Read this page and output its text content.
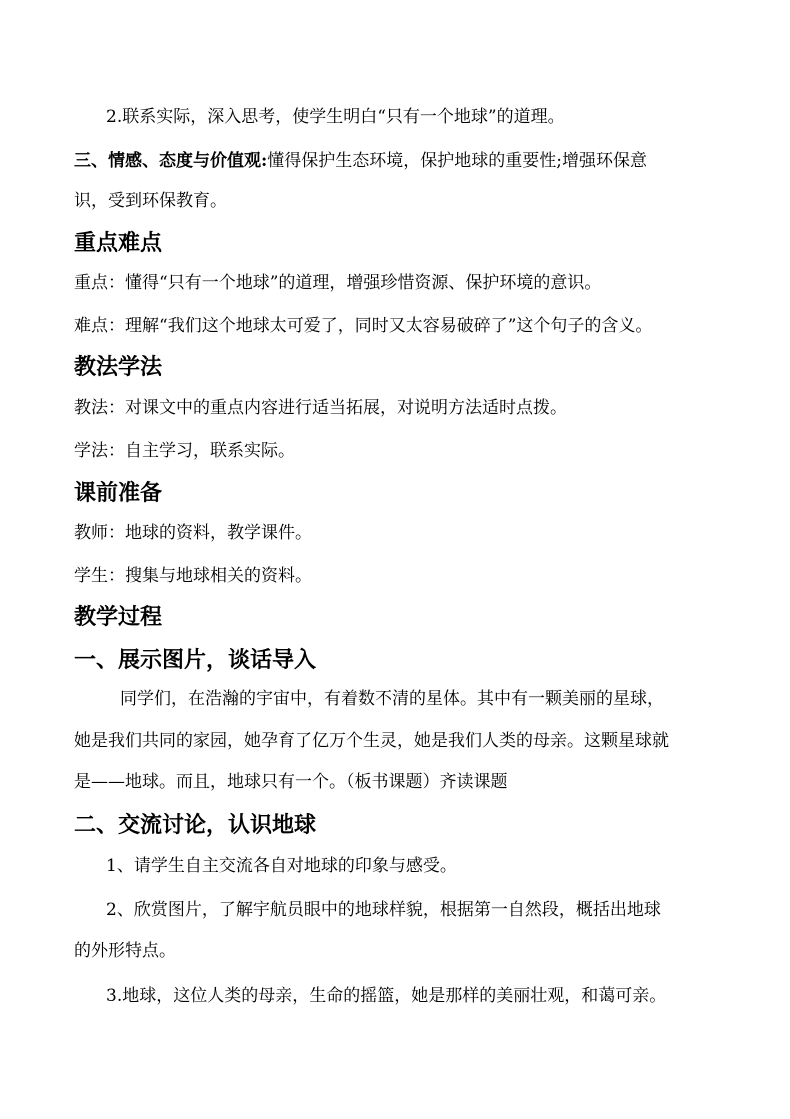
2.联系实际，深入思考，使学生明白“只有一个地球”的道理。
三、情感、态度与价值观:懂得保护生态环境，保护地球的重要性;增强环保意
识，受到环保教育。
重点难点
重点：懂得“只有一个地球”的道理，增强珍惜资源、保护环境的意识。
难点：理解“我们这个地球太可爱了，同时又太容易破碎了”这个句子的含义。
教法学法
教法：对课文中的重点内容进行适当拓展，对说明方法适时点拨。
学法：自主学习，联系实际。
课前准备
教师：地球的资料，教学课件。
学生：搜集与地球相关的资料。
教学过程
一、展示图片，谈话导入
同学们，在浩瀚的宇宙中，有着数不清的星体。其中有一颗美丽的星球，
她是我们共同的家园，她孕育了亿万个生灵，她是我们人类的母亲。这颗星球就
是——地球。而且，地球只有一个。（板书课题）齐读课题
二、交流讨论，认识地球
1、请学生自主交流各自对地球的印象与感受。
2、欣赏图片，了解宇航员眼中的地球样貌，根据第一自然段，概括出地球
的外形特点。
3.地球，这位人类的母亲，生命的摇篮，她是那样的美丽壮观，和蔼可亲。
